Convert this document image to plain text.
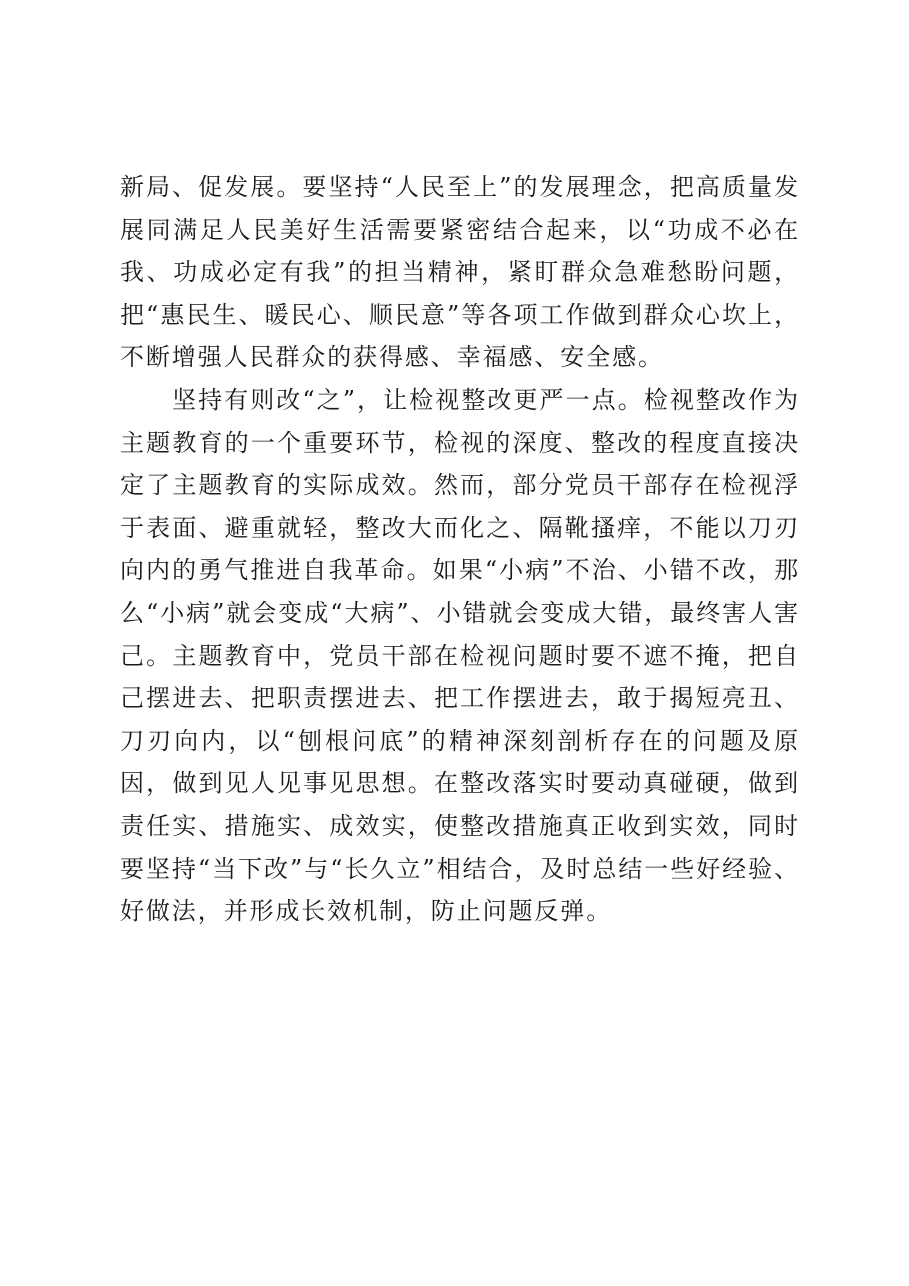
新局、促发展。要坚持“人民至上”的发展理念，把高质量发展同满足人民美好生活需要紧密结合起来，以“功成不必在我、功成必定有我”的担当精神，紧盯群众急难愁盼问题，把“惠民生、暖民心、顺民意”等各项工作做到群众心坎上，不断增强人民群众的获得感、幸福感、安全感。

坚持有则改“之”，让检视整改更严一点。检视整改作为主题教育的一个重要环节，检视的深度、整改的程度直接决定了主题教育的实际成效。然而，部分党员干部存在检视浮于表面、避重就轻，整改大而化之、隔靴搔痒，不能以刀刃向内的勇气推进自我革命。如果“小病”不治、小错不改，那么“小病”就会变成“大病”、小错就会变成大错，最终害人害己。主题教育中，党员干部在检视问题时要不遮不掩，把自己摆进去、把职责摆进去、把工作摆进去，敢于揭短亮丑、刀刃向内，以“刨根问底”的精神深刻剖析存在的问题及原因，做到见人见事见思想。在整改落实时要动真碰硬，做到责任实、措施实、成效实，使整改措施真正收到实效，同时要坚持“当下改”与“长久立”相结合，及时总结一些好经验、好做法，并形成长效机制，防止问题反弹。
